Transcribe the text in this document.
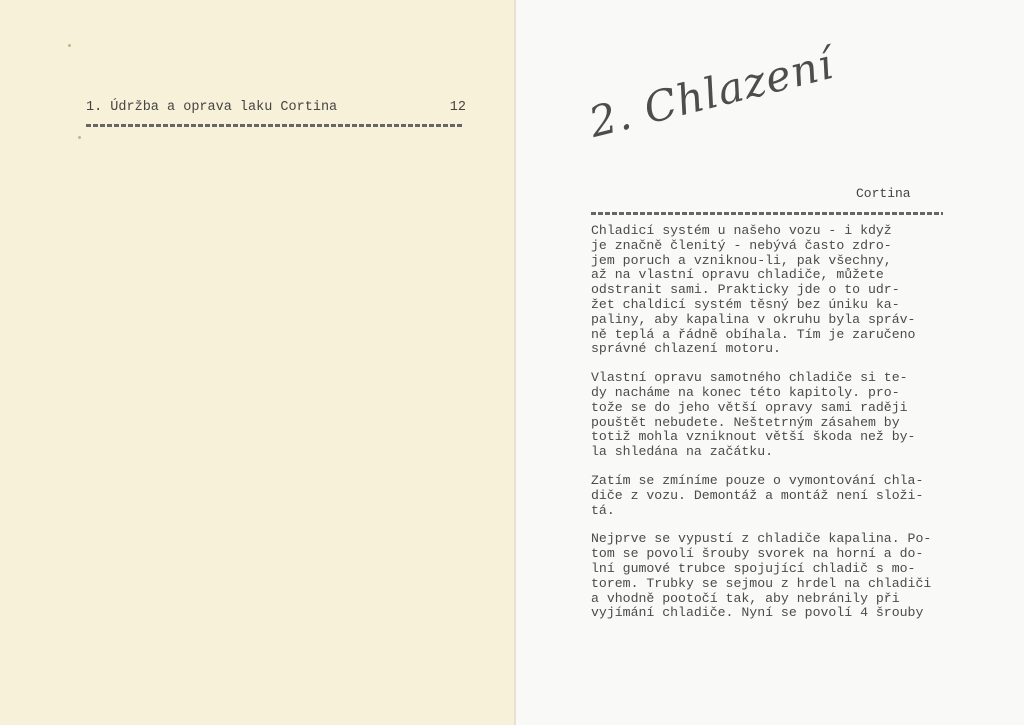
1. Údržba a oprava laku Cortina	12	2. Chlazení
Cortina

Chladicí systém u našeho vozu - i když
je značně členitý - nebývá často zdro-
jem poruch a vzniknou-li, pak všechny,
až na vlastní opravu chladiče, můžete
odstranit sami. Prakticky jde o to udr-
žet chaldicí systém těsný bez úniku ka-
paliny, aby kapalina v okruhu byla správ-
ně teplá a řádně obíhala. Tím je zaručeno
správné chlazení motoru.

Vlastní opravu samotného chladiče si te-
dy nacháme na konec této kapitoly. pro-
tože se do jeho větší opravy sami raději
pouštět nebudete. Neštetrným zásahem by
totiž mohla vzniknout větší škoda než by-
la shledána na začátku.

Zatím se zmíníme pouze o vymontování chla-
diče z vozu. Demontáž a montáž není složi-
tá.

Nejprve se vypustí z chladiče kapalina. Po-
tom se povolí šrouby svorek na horní a do-
lní gumové trubce spojující chladič s mo-
torem. Trubky se sejmou z hrdel na chladiči
a vhodně pootočí tak, aby nebránily při
vyjímání chladiče. Nyní se povolí 4 šrouby
